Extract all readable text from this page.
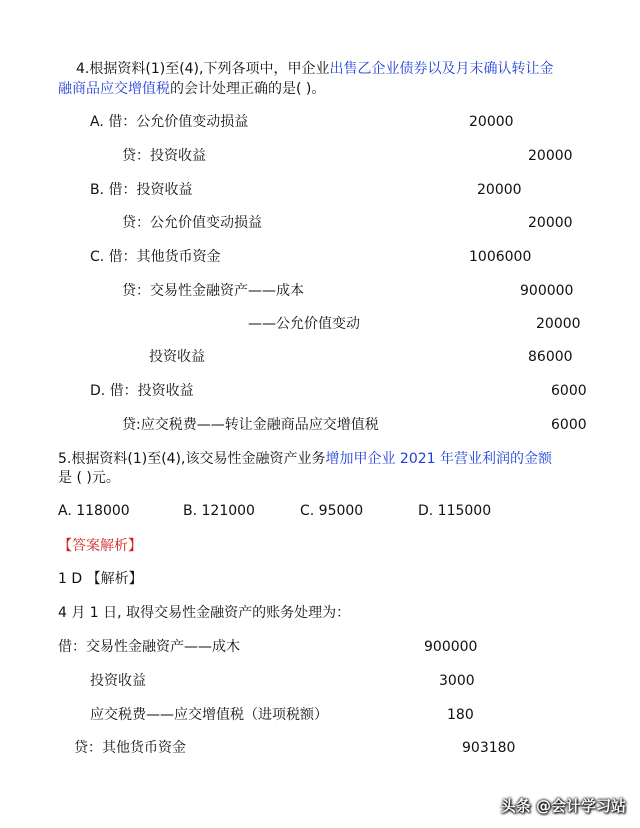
4.根据资料(1)至(4),下列各项中，甲企业出售乙企业债券以及月末确认转让金
融商品应交增值税的会计处理正确的是( )。
A. 借：公允价值变动损益	20000
贷：投资收益	20000
B. 借：投资收益	20000
贷：公允价值变动损益	20000
C. 借：其他货币资金	1006000
贷：交易性金融资产——成本	900000
——公允价值变动	20000
投资收益	86000
D. 借：投资收益	6000
贷:应交税费——转让金融商品应交增值税	6000
5.根据资料(1)至(4),该交易性金融资产业务增加甲企业 2021 年营业利润的金额
是 ( )元。
A. 118000	B. 121000	C. 95000	D. 115000
【答案解析】
1 D 【解析】
4 月 1 日, 取得交易性金融资产的账务处理为：
借：交易性金融资产——成木	900000
投资收益	3000
应交税费——应交增值税（进项税额）	180
贷：其他货币资金	903180
头条 @会计学习站
